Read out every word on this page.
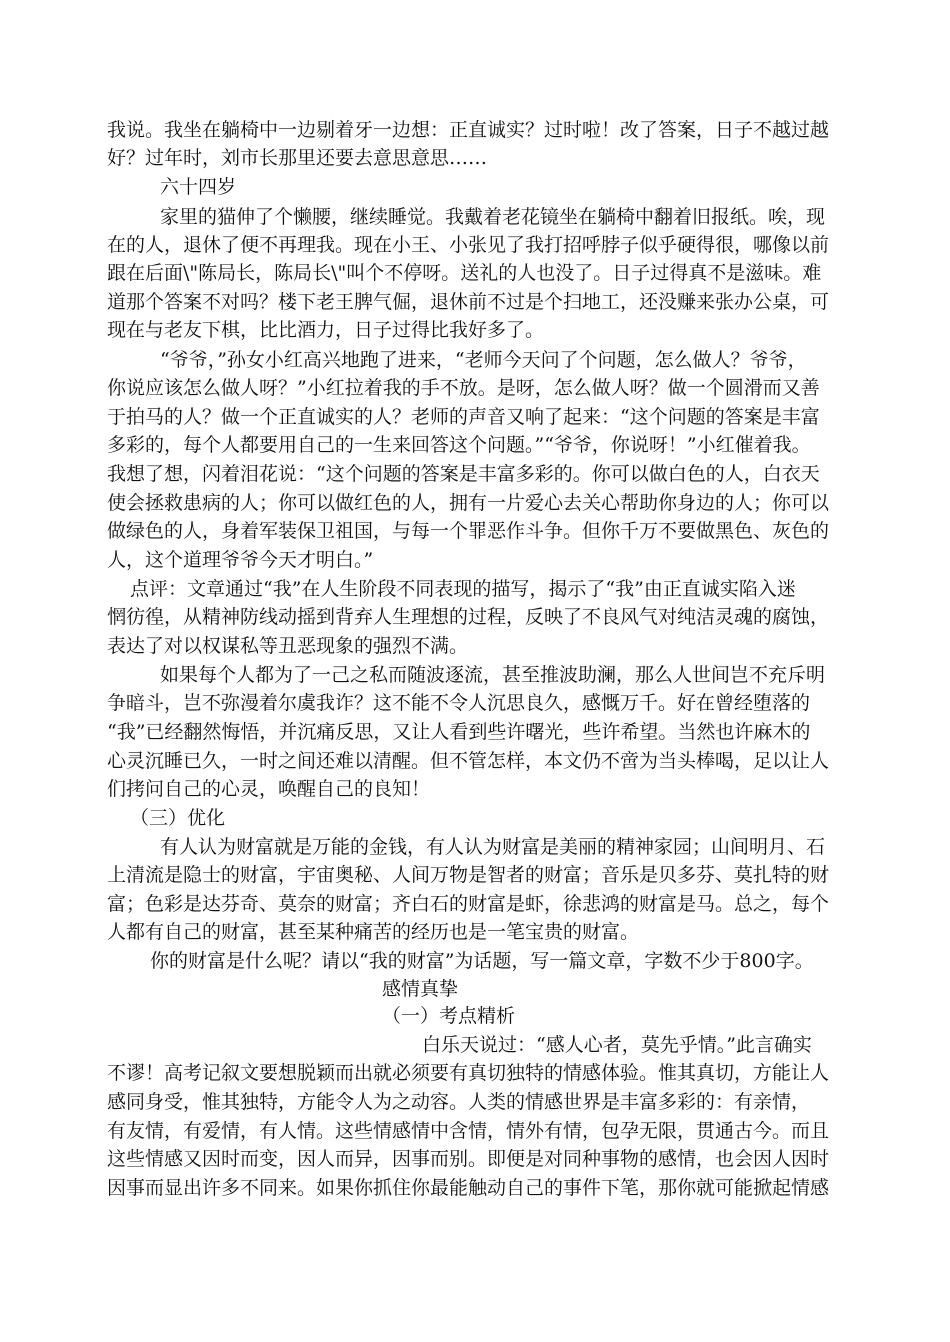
我说。我坐在躺椅中一边剔着牙一边想：正直诚实？过时啦！改了答案，日子不越过越
好？过年时，刘市长那里还要去意思意思……
六十四岁
家里的猫伸了个懒腰，继续睡觉。我戴着老花镜坐在躺椅中翻着旧报纸。唉，现
在的人，退休了便不再理我。现在小王、小张见了我打招呼脖子似乎硬得很，哪像以前
跟在后面\"陈局长，陈局长\"叫个不停呀。送礼的人也没了。日子过得真不是滋味。难
道那个答案不对吗？楼下老王脾气倔，退休前不过是个扫地工，还没赚来张办公桌，可
现在与老友下棋，比比酒力，日子过得比我好多了。
“爷爷，”孙女小红高兴地跑了进来，“老师今天问了个问题，怎么做人？爷爷，
你说应该怎么做人呀？”小红拉着我的手不放。是呀，怎么做人呀？做一个圆滑而又善
于拍马的人？做一个正直诚实的人？老师的声音又响了起来：“这个问题的答案是丰富
多彩的，每个人都要用自己的一生来回答这个问题。”“爷爷，你说呀！”小红催着我。
我想了想，闪着泪花说：“这个问题的答案是丰富多彩的。你可以做白色的人，白衣天
使会拯救患病的人；你可以做红色的人，拥有一片爱心去关心帮助你身边的人；你可以
做绿色的人，身着军装保卫祖国，与每一个罪恶作斗争。但你千万不要做黑色、灰色的
人，这个道理爷爷今天才明白。”
点评：文章通过“我”在人生阶段不同表现的描写，揭示了“我”由正直诚实陷入迷
惘彷徨，从精神防线动摇到背弃人生理想的过程，反映了不良风气对纯洁灵魂的腐蚀，
表达了对以权谋私等丑恶现象的强烈不满。
如果每个人都为了一己之私而随波逐流，甚至推波助澜，那么人世间岂不充斥明
争暗斗，岂不弥漫着尔虞我诈？这不能不令人沉思良久，感慨万千。好在曾经堕落的
“我”已经翻然悔悟，并沉痛反思，又让人看到些许曙光，些许希望。当然也许麻木的
心灵沉睡已久，一时之间还难以清醒。但不管怎样，本文仍不啻为当头棒喝，足以让人
们拷问自己的心灵，唤醒自己的良知！
（三）优化
有人认为财富就是万能的金钱，有人认为财富是美丽的精神家园；山间明月、石
上清流是隐士的财富，宇宙奥秘、人间万物是智者的财富；音乐是贝多芬、莫扎特的财
富；色彩是达芬奇、莫奈的财富；齐白石的财富是虾，徐悲鸿的财富是马。总之，每个
人都有自己的财富，甚至某种痛苦的经历也是一笔宝贵的财富。
你的财富是什么呢？请以“我的财富”为话题，写一篇文章，字数不少于800字。
感情真挚
（一）考点精析
白乐天说过：“感人心者，莫先乎情。”此言确实
不谬！高考记叙文要想脱颖而出就必须要有真切独特的情感体验。惟其真切，方能让人
感同身受，惟其独特，方能令人为之动容。人类的情感世界是丰富多彩的：有亲情，
有友情，有爱情，有人情。这些情感情中含情，情外有情，包孕无限，贯通古今。而且
这些情感又因时而变，因人而异，因事而别。即便是对同种事物的感情，也会因人因时
因事而显出许多不同来。如果你抓住你最能触动自己的事件下笔，那你就可能掀起情感
